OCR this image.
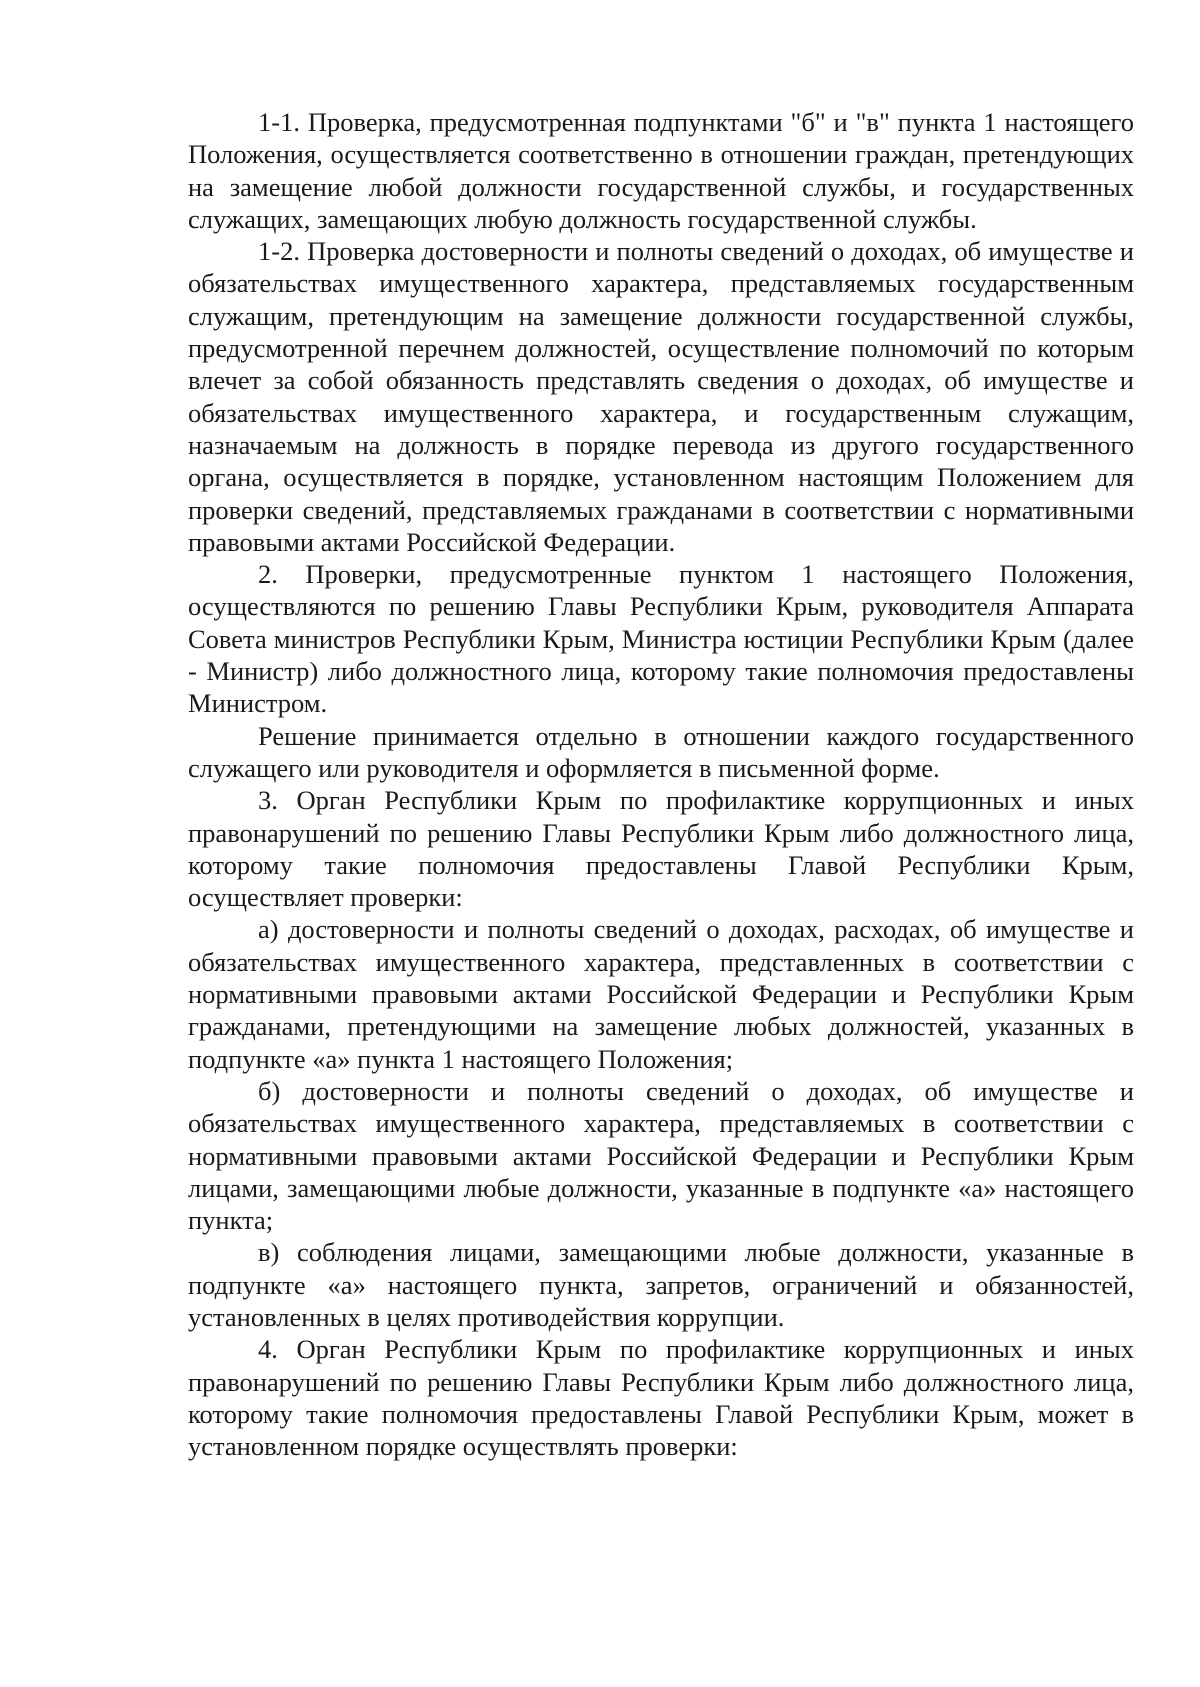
1-1. Проверка, предусмотренная подпунктами "б" и "в" пункта 1 настоящего Положения, осуществляется соответственно в отношении граждан, претендующих на замещение любой должности государственной службы, и государственных служащих, замещающих любую должность государственной службы.

1-2. Проверка достоверности и полноты сведений о доходах, об имуществе и обязательствах имущественного характера, представляемых государственным служащим, претендующим на замещение должности государственной службы, предусмотренной перечнем должностей, осуществление полномочий по которым влечет за собой обязанность представлять сведения о доходах, об имуществе и обязательствах имущественного характера, и государственным служащим, назначаемым на должность в порядке перевода из другого государственного органа, осуществляется в порядке, установленном настоящим Положением для проверки сведений, представляемых гражданами в соответствии с нормативными правовыми актами Российской Федерации.

2. Проверки, предусмотренные пунктом 1 настоящего Положения, осуществляются по решению Главы Республики Крым, руководителя Аппарата Совета министров Республики Крым, Министра юстиции Республики Крым (далее - Министр) либо должностного лица, которому такие полномочия предоставлены Министром.

Решение принимается отдельно в отношении каждого государственного служащего или руководителя и оформляется в письменной форме.

3. Орган Республики Крым по профилактике коррупционных и иных правонарушений по решению Главы Республики Крым либо должностного лица, которому такие полномочия предоставлены Главой Республики Крым, осуществляет проверки:

а) достоверности и полноты сведений о доходах, расходах, об имуществе и обязательствах имущественного характера, представленных в соответствии с нормативными правовыми актами Российской Федерации и Республики Крым гражданами, претендующими на замещение любых должностей, указанных в подпункте «а» пункта 1 настоящего Положения;

б) достоверности и полноты сведений о доходах, об имуществе и обязательствах имущественного характера, представляемых в соответствии с нормативными правовыми актами Российской Федерации и Республики Крым лицами, замещающими любые должности, указанные в подпункте «а» настоящего пункта;

в) соблюдения лицами, замещающими любые должности, указанные в подпункте «а» настоящего пункта, запретов, ограничений и обязанностей, установленных в целях противодействия коррупции.

4. Орган Республики Крым по профилактике коррупционных и иных правонарушений по решению Главы Республики Крым либо должностного лица, которому такие полномочия предоставлены Главой Республики Крым, может в установленном порядке осуществлять проверки:
